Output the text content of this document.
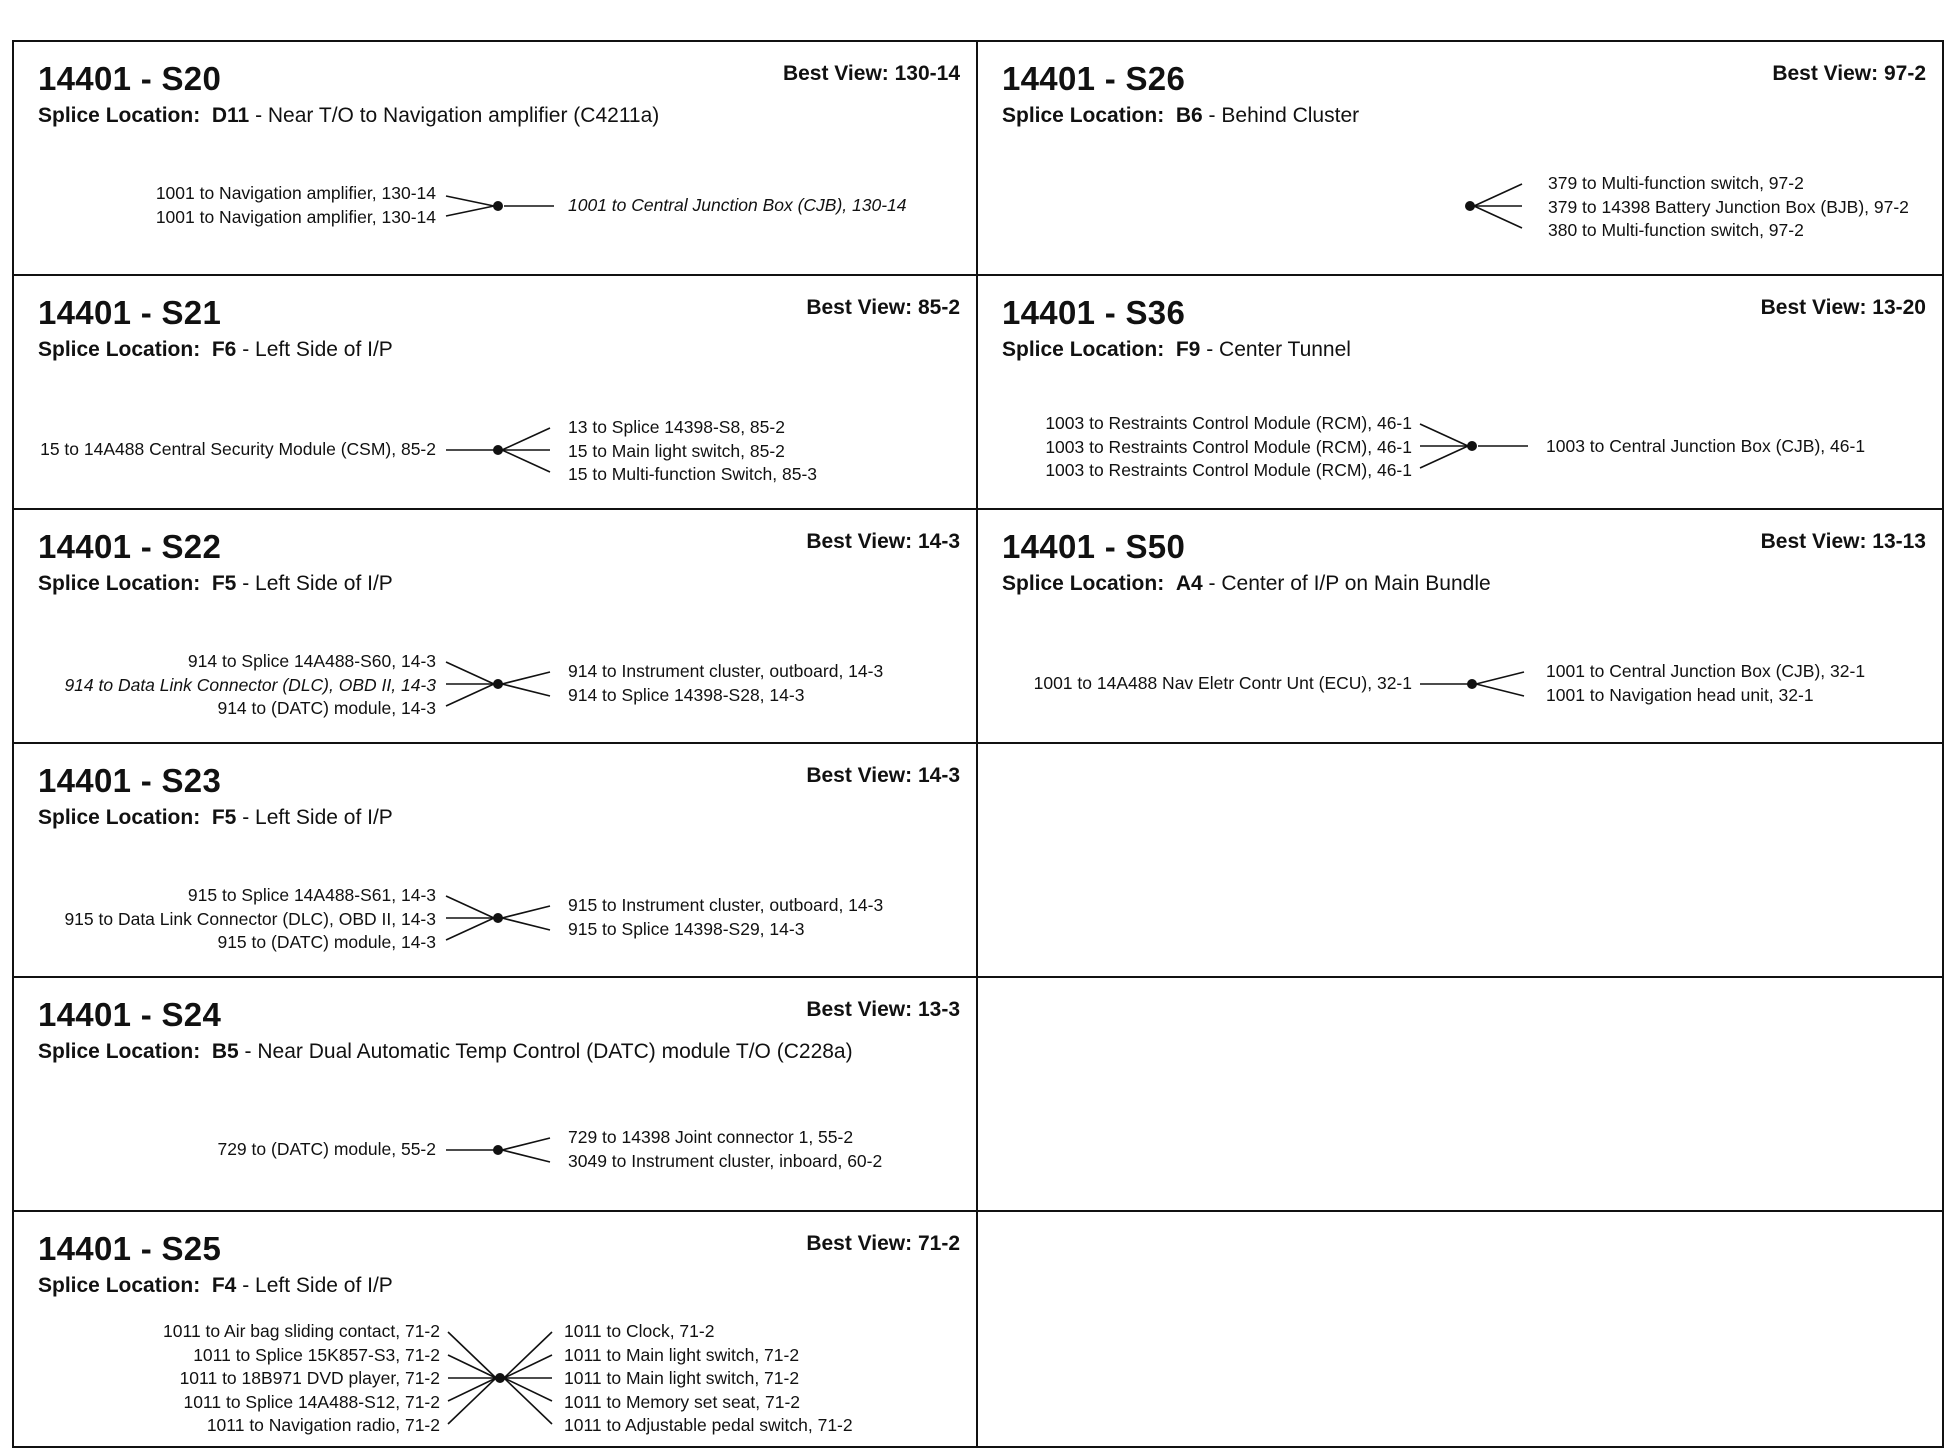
14401 - S20	Best View: 130-14
Splice Location: D11 - Near T/O to Navigation amplifier (C4211a)
1001 to Navigation amplifier, 130-14
1001 to Navigation amplifier, 130-14
1001 to Central Junction Box (CJB), 130-14
14401 - S21	Best View: 85-2
Splice Location: F6 - Left Side of I/P
15 to 14A488 Central Security Module (CSM), 85-2
13 to Splice 14398-S8, 85-2
15 to Main light switch, 85-2
15 to Multi-function Switch, 85-3
14401 - S22	Best View: 14-3
Splice Location: F5 - Left Side of I/P
914 to Splice 14A488-S60, 14-3
914 to Data Link Connector (DLC), OBD II, 14-3
914 to (DATC) module, 14-3
914 to Instrument cluster, outboard, 14-3
914 to Splice 14398-S28, 14-3
14401 - S23	Best View: 14-3
Splice Location: F5 - Left Side of I/P
915 to Splice 14A488-S61, 14-3
915 to Data Link Connector (DLC), OBD II, 14-3
915 to (DATC) module, 14-3
915 to Instrument cluster, outboard, 14-3
915 to Splice 14398-S29, 14-3
14401 - S24	Best View: 13-3
Splice Location: B5 - Near Dual Automatic Temp Control (DATC) module T/O (C228a)
729 to (DATC) module, 55-2
729 to 14398 Joint connector 1, 55-2
3049 to Instrument cluster, inboard, 60-2
14401 - S25	Best View: 71-2
Splice Location: F4 - Left Side of I/P
1011 to Air bag sliding contact, 71-2
1011 to Splice 15K857-S3, 71-2
1011 to 18B971 DVD player, 71-2
1011 to Splice 14A488-S12, 71-2
1011 to Navigation radio, 71-2
1011 to Clock, 71-2
1011 to Main light switch, 71-2
1011 to Main light switch, 71-2
1011 to Memory set seat, 71-2
1011 to Adjustable pedal switch, 71-2
14401 - S26	Best View: 97-2
Splice Location: B6 - Behind Cluster
379 to Multi-function switch, 97-2
379 to 14398 Battery Junction Box (BJB), 97-2
380 to Multi-function switch, 97-2
14401 - S36	Best View: 13-20
Splice Location: F9 - Center Tunnel
1003 to Restraints Control Module (RCM), 46-1
1003 to Restraints Control Module (RCM), 46-1
1003 to Restraints Control Module (RCM), 46-1
1003 to Central Junction Box (CJB), 46-1
14401 - S50	Best View: 13-13
Splice Location: A4 - Center of I/P on Main Bundle
1001 to 14A488 Nav Eletr Contr Unt (ECU), 32-1
1001 to Central Junction Box (CJB), 32-1
1001 to Navigation head unit, 32-1
